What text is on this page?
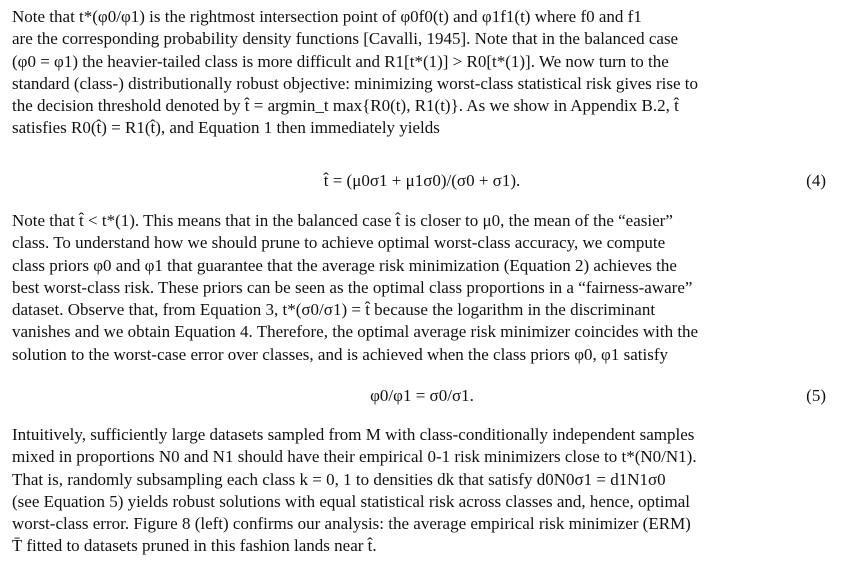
Note that t*(φ0/φ1) is the rightmost intersection point of φ0f0(t) and φ1f1(t) where f0 and f1
are the corresponding probability density functions [Cavalli, 1945]. Note that in the balanced case
(φ0 = φ1) the heavier-tailed class is more difficult and R1[t*(1)] > R0[t*(1)]. We now turn to the
standard (class-) distributionally robust objective: minimizing worst-class statistical risk gives rise to
the decision threshold denoted by t̂ = argmin_t max{R0(t), R1(t)}. As we show in Appendix B.2, t̂
satisfies R0(t̂) = R1(t̂), and Equation 1 then immediately yields
t̂ = (μ0σ1 + μ1σ0)/(σ0 + σ1).	(4)
Note that t̂ < t*(1). This means that in the balanced case t̂ is closer to μ0, the mean of the “easier”
class. To understand how we should prune to achieve optimal worst-class accuracy, we compute
class priors φ0 and φ1 that guarantee that the average risk minimization (Equation 2) achieves the
best worst-class risk. These priors can be seen as the optimal class proportions in a “fairness-aware”
dataset. Observe that, from Equation 3, t*(σ0/σ1) = t̂ because the logarithm in the discriminant
vanishes and we obtain Equation 4. Therefore, the optimal average risk minimizer coincides with the
solution to the worst-case error over classes, and is achieved when the class priors φ0, φ1 satisfy
φ0/φ1 = σ0/σ1.	(5)
Intuitively, sufficiently large datasets sampled from M with class-conditionally independent samples
mixed in proportions N0 and N1 should have their empirical 0-1 risk minimizers close to t*(N0/N1).
That is, randomly subsampling each class k = 0, 1 to densities dk that satisfy d0N0σ1 = d1N1σ0
(see Equation 5) yields robust solutions with equal statistical risk across classes and, hence, optimal
worst-class error. Figure 8 (left) confirms our analysis: the average empirical risk minimizer (ERM)
T̄ fitted to datasets pruned in this fashion lands near t̂.
